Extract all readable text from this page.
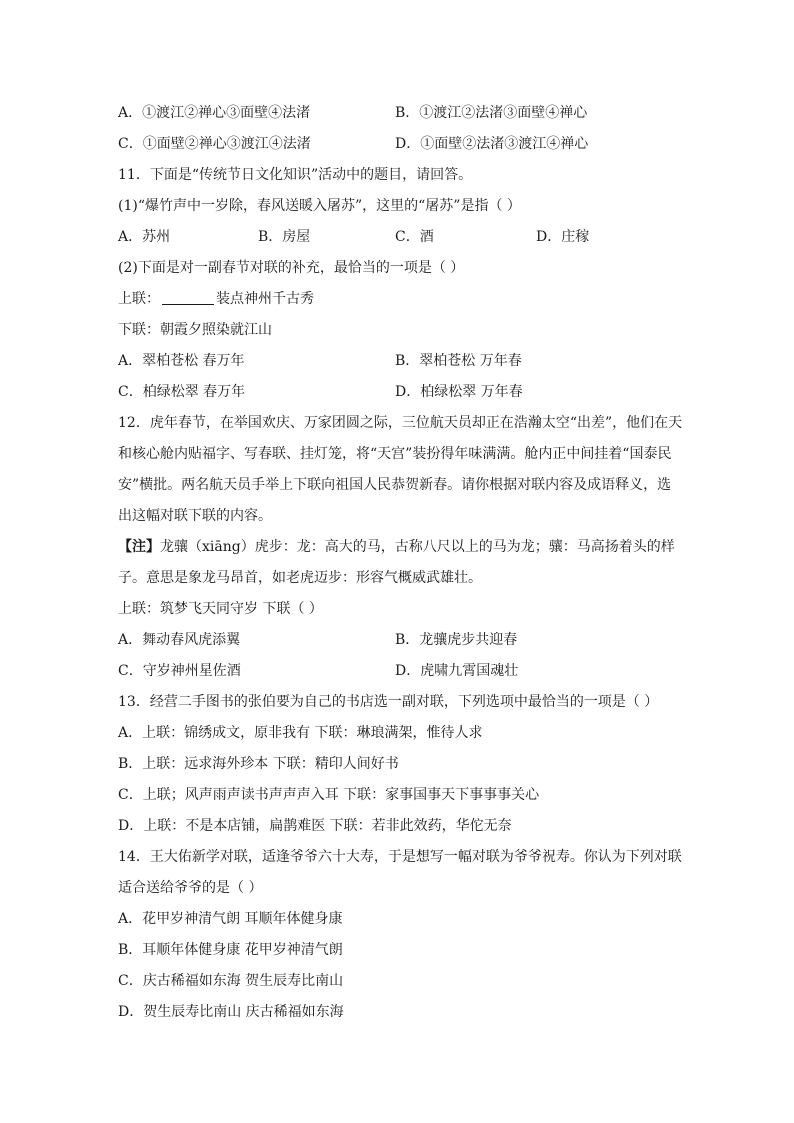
A．①渡江②禅心③面壁④法渚	B．①渡江②法渚③面壁④禅心
C．①面壁②禅心③渡江④法渚	D．①面壁②法渚③渡江④禅心
11．下面是“传统节日文化知识”活动中的题目，请回答。
(1)“爆竹声中一岁除，春风送暖入屠苏”，这里的“屠苏”是指（ ）
A．苏州	B．房屋	C．酒	D．庄稼
(2)下面是对一副春节对联的补充，最恰当的一项是（ ）
上联：	装点神州千古秀
下联：朝霞夕照染就江山
A．翠柏苍松 春万年	B．翠柏苍松 万年春
C．柏绿松翠 春万年	D．柏绿松翠 万年春
12．虎年春节，在举国欢庆、万家团圆之际，三位航天员却正在浩瀚太空“出差”，他们在天
和核心舱内贴福字、写春联、挂灯笼，将“天宫”装扮得年味满满。舱内正中间挂着“国泰民
安”横批。两名航天员手举上下联向祖国人民恭贺新春。请你根据对联内容及成语释义，选
出这幅对联下联的内容。
【注】龙骧（xiāng）虎步：龙：高大的马，古称八尺以上的马为龙；骧：马高扬着头的样
子。意思是象龙马昂首，如老虎迈步：形容气概威武雄壮。
上联：筑梦飞天同守岁 下联（ ）
A．舞动春风虎添翼	B．龙骧虎步共迎春
C．守岁神州星佐酒	D．虎啸九霄国魂壮
13．经营二手图书的张伯要为自己的书店选一副对联，下列选项中最恰当的一项是（ ）
A．上联：锦绣成文，原非我有 下联：琳琅满架，惟待人求
B．上联：远求海外珍本 下联：精印人间好书
C．上联；风声雨声读书声声声入耳 下联：家事国事天下事事事关心
D．上联：不是本店铺，扁鹊难医 下联：若非此效药，华佗无奈
14．王大佑新学对联，适逢爷爷六十大寿，于是想写一幅对联为爷爷祝寿。你认为下列对联
适合送给爷爷的是（ ）
A．花甲岁神清气朗 耳顺年体健身康
B．耳顺年体健身康 花甲岁神清气朗
C．庆古稀福如东海 贺生辰寿比南山
D．贺生辰寿比南山 庆古稀福如东海
